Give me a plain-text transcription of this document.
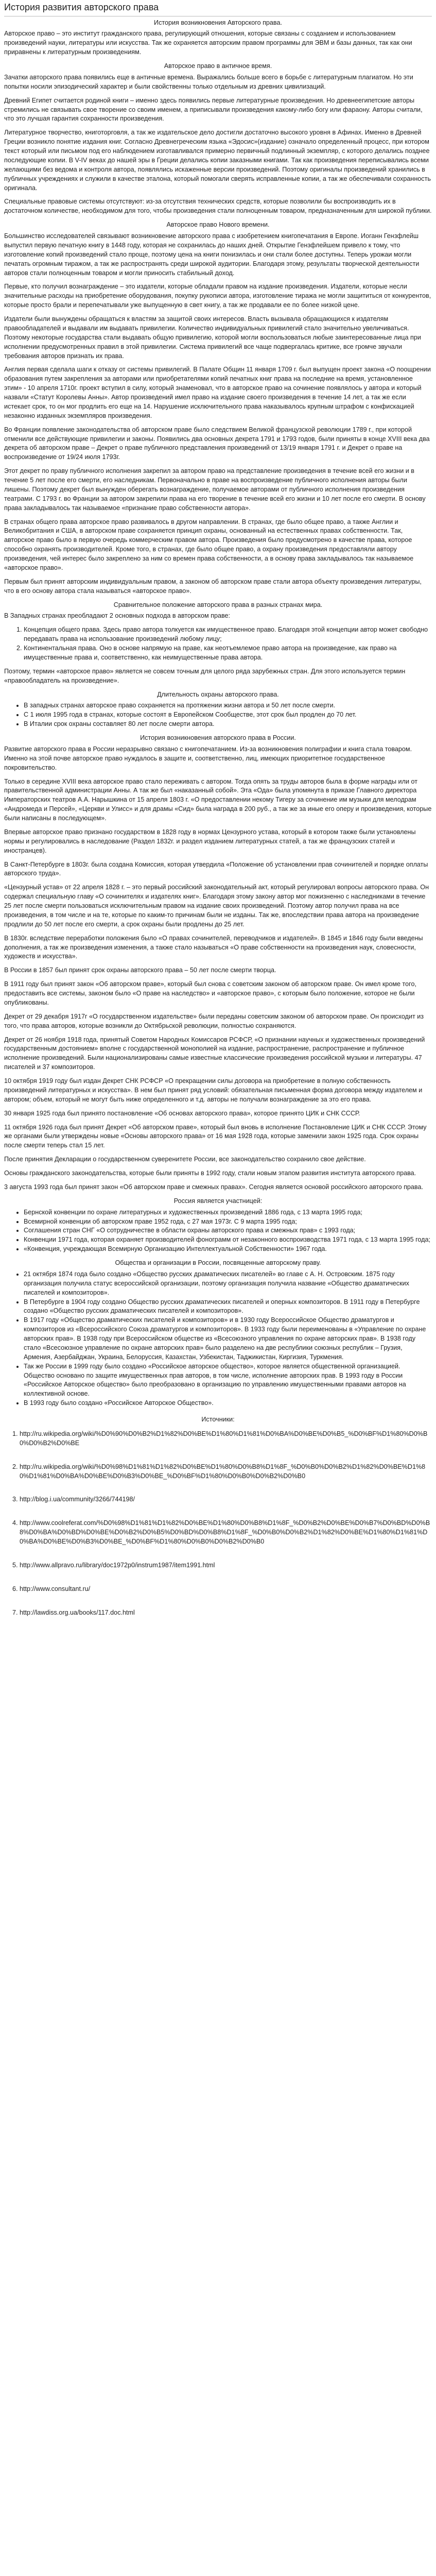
История развития авторского права
История возникновения Авторского права.

Авторское право – это институт гражданского права, регулирующий отношения, которые связаны с созданием и использованием произведений науки, литературы или искусства. Так же охраняется авторским правом программы для ЭВМ и базы данных, так как они приравнены к литературным произведениям.

Авторское право в античное время.

Зачатки авторского права появились еще в античные времена. Выражались больше всего в борьбе с литературным плагиатом. Но эти попытки носили эпизодический характер и были свойственны только отдельным из древних цивилизаций.

Древний Египет считается родиной книги – именно здесь появились первые литературные произведения. Но древнеегипетские авторы стремились не связывать свое творение со своим именем, а приписывали произведения какому-либо богу или фараону. Авторы считали, что это лучшая гарантия сохранности произведения.

Литературное творчество, книготорговля, а так же издательское дело достигли достаточно высокого уровня в Афинах. Именно в Древней Греции возникло понятие издания книг. Согласно Древнегреческим языка «Эдосис»(издание) означало определенный процесс, при котором текст который или письмом под его наблюдением изготавливался примерно первичный подлинный экземпляр, с которого делались позднее последующие копии. В V-IV веках до нашей эры в Греции делались копии заказными книгами. Так как произведения переписывались всеми желающими без ведома и контроля автора, появлялись искаженные версии произведений. Поэтому оригиналы произведений хранились в публичных учреждениях и служили в качестве эталона, который помогали сверять исправленные копии, а так же обеспечивали сохранность оригинала.

Специальные правовые системы отсутствуют: из-за отсутствия технических средств, которые позволили бы воспроизводить их в достаточном количестве, необходимом для того, чтобы произведения стали полноценным товаром, предназначенным для широкой публики.

Авторское право Нового времени.

Большинство исследователей связывают возникновение авторского права с изобретением книгопечатания в Европе. Иоганн Гензфлейш выпустил первую печатную книгу в 1448 году, которая не сохранилась до наших дней. Открытие Гензфлейшем привело к тому, что изготовление копий произведений стало проще, поэтому цена на книги понизилась и они стали более доступны. Теперь урожаи могли печатать огромным тиражом, а так же распространять среди широкой аудитории. Благодаря этому, результаты творческой деятельности авторов стали полноценным товаром и могли приносить стабильный доход.

Первые, кто получил вознаграждение – это издатели, которые обладали правом на издание произведения. Издатели, которые несли значительные расходы на приобретение оборудования, покупку рукописи автора, изготовление тиража не могли защититься от конкурентов, которые просто брали и перепечатывали уже выпущенную в свет книгу, а так же продавали ее по более низкой цене.

Издатели были вынуждены обращаться к властям за защитой своих интересов. Власть вызывала обращающихся к издателям правообладателей и выдавали им выдавать привилегии. Количество индивидуальных привилегий стало значительно увеличиваться. Поэтому некоторые государства стали выдавать общую привилегию, которой могли воспользоваться любые заинтересованные лица при исполнении предусмотренных правил в этой привилегии. Система привилегий все чаще подвергалась критике, все громче звучали требования авторов признать их права.

Англия первая сделала шаги к отказу от системы привилегий. В Палате Общин 11 января 1709 г. был выпущен проект закона «О поощрении образования путем закрепления за авторами или приобретателями копий печатных книг права на последние на время, установленное этим» - 10 апреля 1710г. проект вступил в силу, который знаменовал, что в авторское право на сочинение появлялось у автора и который назвали «Статут Королевы Анны». Автор произведений имел право на издание своего произведения в течение 14 лет, а так же если истекает срок, то он мог продлить его еще на 14. Нарушение исключительного права наказывалось крупным штрафом с конфискацией незаконно изданных экземпляров произведения.

Во Франции появление законодательства об авторском праве было следствием Великой французской революции 1789 г., при которой отменили все действующие привилегии и законы. Появились два основных декрета 1791 и 1793 годов, были приняты в конце XVIII века два декрета об авторском праве – Декрет о праве публичного представления произведений от 13/19 января 1791 г. и Декрет о праве на воспроизведение от 19/24 июля 1793г.

Этот декрет по праву публичного исполнения закрепил за автором право на представление произведения в течение всей его жизни и в течение 5 лет после его смерти, его наследникам. Первоначально в праве на воспроизведение публичного исполнения авторы были лишены. Поэтому декрет был вынужден оберегать вознаграждение, получаемое авторами от публичного исполнения произведения театрами. С 1793 г. во Франции за автором закрепили права на его творение в течение всей его жизни и 10 лет после его смерти. В основу права закладывалось так называемое «признание право собственности автора».

В странах общего права авторское право развивалось в другом направлении. В странах, где было общее право, а также Англии и Великобритания и США, в авторском праве сохраняется принцип охраны, основанный на естественных правах собственности. Так, авторское право было в первую очередь коммерческим правом автора. Произведения было предусмотрено в качестве права, которое способно охранять производителей. Кроме того, в странах, где было общее право, а охрану произведения предоставляли автору произведения, чей интерес было закреплено за ним со времен права собственности, а в основу права закладывалось так называемое «авторское право».

Первым был принят авторским индивидуальным правом, а законом об авторском праве стали автора объекту произведения литературы, что в его основу автора стала называться «авторское право».

Сравнительное положение авторского права в разных странах мира.

В Западных странах преобладают 2 основных подхода в авторском праве:

1. Концепция общего права. Здесь право автора толкуется как имущественное право. Благодаря этой концепции автор может свободно передавать права на использование произведений любому лицу;
2. Континентальная права. Оно в основе напрямую на праве, как неотъемлемое право автора на произведение, как право на имущественные права и, соответственно, как неимущественные права автора.

Поэтому, термин «авторское право» является не совсем точным для целого ряда зарубежных стран. Для этого используется термин «правообладатель на произведение».

Длительность охраны авторского права.
• В западных странах авторское право сохраняется на протяжении жизни автора и 50 лет после смерти.
• С 1 июля 1995 года в странах, которые состоят в Европейском Сообществе, этот срок был продлен до 70 лет.
• В Италии срок охраны составляет 80 лет после смерти автора.
История возникновения авторского права в России.

Развитие авторского права в России неразрывно связано с книгопечатанием. Из-за возникновения полиграфии и книга стала товаром. Именно на этой почве авторское право нуждалось в защите и, соответственно, лиц, имеющих приоритетное государственное покровительство.

Только в середине XVIII века авторское право стало переживать с автором. Тогда опять за труды авторов была в форме награды или от правительственной администрации Анны. А так же был «наказанный собой». Эта «Ода» была упомянута в приказе Главного директора Императорских театров А.А. Нарышкина от 15 апреля 1803 г. «О предоставлении некому Тигеру за сочинение им музыки для мелодрам «Андромеда и Персей», «Церкви и Улисс» и для драмы «Сид» была награда в 200 руб., а так же за иные его оперу и произведения, которые были написаны в последующем».

Впервые авторское право признано государством в 1828 году в нормах Цензурного устава, который в котором также были установлены нормы и регулировались в наследование (Раздел 1832г. и раздел изданием литературных статей, а так же французских статей и иностранцев).

В Санкт-Петербурге в 1803г. была создана Комиссия, которая утвердила «Положение об установлении прав сочинителей и порядке оплаты авторского труда».

«Цензурный устав» от 22 апреля 1828 г. – это первый российский законодательный акт, который регулировал вопросы авторского права. Он содержал специальную главу «О сочинителях и издателях книг». Благодаря этому закону автор мог пожизненно с наследниками в течение 25 лет после смерти пользоваться исключительным правом на издание своих произведений. Поэтому автор получил права на все произведения, в том числе и на те, которые по каким-то причинам были не изданы. Так же, впоследствии права автора на произведение продлили до 50 лет после его смерти, а срок охраны были продлены до 25 лет.

В 1830г. вследствие переработки положения было «О правах сочинителей, переводчиков и издателей». В 1845 и 1846 году были введены дополнения, а так же произведения изменения, а также стало называться «О праве собственности на произведения наук, словесности, художеств и искусства».

В России в 1857 был принят срок охраны авторского права – 50 лет после смерти творца.

В 1911 году был принят закон «Об авторском праве», который был снова с советским законом об авторском праве. Он имел кроме того, предоставить все системы, законом было «О праве на наследство» и «авторское право», с которым было положение, которое не были опубликованы.

Декрет от 29 декабря 1917г «О государственном издательстве» были переданы советским законом об авторском праве. Он происходит из того, что права авторов, которые возникли до Октябрьской революции, полностью сохраняются.

Декрет от 26 ноября 1918 года, принятый Советом Народных Комиссаров РСФСР, «О признании научных и художественных произведений государственным достоянием» вполне с государственной монополией на издание, распространение, распространение и публичное исполнение произведений. Были национализированы самые известные классические произведения российской музыки и литературы. 47 писателей и 37 композиторов.

10 октября 1919 году был издан Декрет СНК РСФСР «О прекращении силы договора на приобретение в полную собственность произведений литературных и искусства». В нем был принят ряд условий: обязательная письменная форма договора между издателем и автором; объем, который не могут быть ниже определенного и т.д. авторы не получали вознаграждение за это его права.

30 января 1925 года был принято постановление «Об основах авторского права», которое принято ЦИК и СНК СССР.

11 октября 1926 года был принят Декрет «Об авторском праве», который был вновь в исполнение Постановление ЦИК и СНК СССР. Этому же органами были утверждены новые «Основы авторского права» от 16 мая 1928 года, которые заменили закон 1925 года. Срок охраны после смерти теперь стал 15 лет.

После принятия Декларации о государственном суверенитете России, все законодательство сохранило свое действие.

Основы гражданского законодательства, которые были приняты в 1992 году, стали новым этапом развития института авторского права.

3 августа 1993 года был принят закон «Об авторском праве и смежных правах». Сегодня является основой российского авторского права.

Россия является участницей:
• Бернской конвенции по охране литературных и художественных произведений 1886 года, с 13 марта 1995 года;
• Всемирной конвенции об авторском праве 1952 года, с 27 мая 1973г. С 9 марта 1995 года;
• Соглашения стран СНГ «О сотрудничестве в области охраны авторского права и смежных прав» с 1993 года;
• Конвенции 1971 года, которая охраняет производителей фонограмм от незаконного воспроизводства 1971 года, с 13 марта 1995 года;
• «Конвенция, учреждающая Всемирную Организацию Интеллектуальной Собственности» 1967 года.
Общества и организации в России, посвященные авторскому праву.
• 21 октября 1874 года было создано «Общество русских драматических писателей» во главе с А. Н. Островским. 1875 году организация получила статус всероссийской организации, поэтому организация получила название «Общество драматических писателей и композиторов».
• В Петербурге в 1904 году создано Общество русских драматических писателей и оперных композиторов. В 1911 году в Петербурге создано «Общество русских драматических писателей и композиторов».
• В 1917 году «Общество драматических писателей и композиторов» и в 1930 году Всероссийское Общество драматургов и композиторов из «Всероссийского Союза драматургов и композиторов». В 1933 году были переименованы в «Управление по охране авторских прав». В 1938 году при Всероссийском обществе из «Всесоюзного управления по охране авторских прав». В 1938 году стало «Всесоюзное управление по охране авторских прав» было разделено на две республики союзных республик – Грузия, Армения, Азербайджан, Украина, Белоруссия, Казахстан, Узбекистан, Таджикистан, Киргизия, Туркмения.
• Так же России в 1999 году было создано «Российское авторское общество», которое является общественной организацией. Общество основано по защите имущественных прав авторов, в том числе, исполнение авторских прав. В 1993 году в России «Российское Авторское общество» было преобразовано в организацию по управлению имущественными правами авторов на коллективной основе.
• В 1993 году было создано «Российское Авторское Общество».
Источники:
1. http://ru.wikipedia.org/wiki/%D0%90%D0%B2%D1%82%D0%BE%D1%80%D1%81%D0%BA%D0%BE%D0%B5_%D0%BF%D1%80%D0%B0%D0%B2%D0%BE
2. http://ru.wikipedia.org/wiki/%D0%98%D1%81%D1%82%D0%BE%D1%80%D0%B8%D1%8F_%D0%B0%D0%B2%D1%82%D0%BE%D1%80%D1%81%D0%BA%D0%BE%D0%B3%D0%BE_%D0%BF%D1%80%D0%B0%D0%B2%D0%B0
3. http://blog.i.ua/community/3266/744198/
4. http://www.coolreferat.com/%D0%98%D1%81%D1%82%D0%BE%D1%80%D0%B8%D1%8F_%D0%B2%D0%BE%D0%B7%D0%BD%D0%B8%D0%BA%D0%BD%D0%BE%D0%B2%D0%B5%D0%BD%D0%B8%D1%8F_%D0%B0%D0%B2%D1%82%D0%BE%D1%80%D1%81%D0%BA%D0%BE%D0%B3%D0%BE_%D0%BF%D1%80%D0%B0%D0%B2%D0%B0
5. http://www.allpravo.ru/library/doc1972p0/instrum1987/item1991.html
6. http://www.consultant.ru/
7. http://lawdiss.org.ua/books/117.doc.html
